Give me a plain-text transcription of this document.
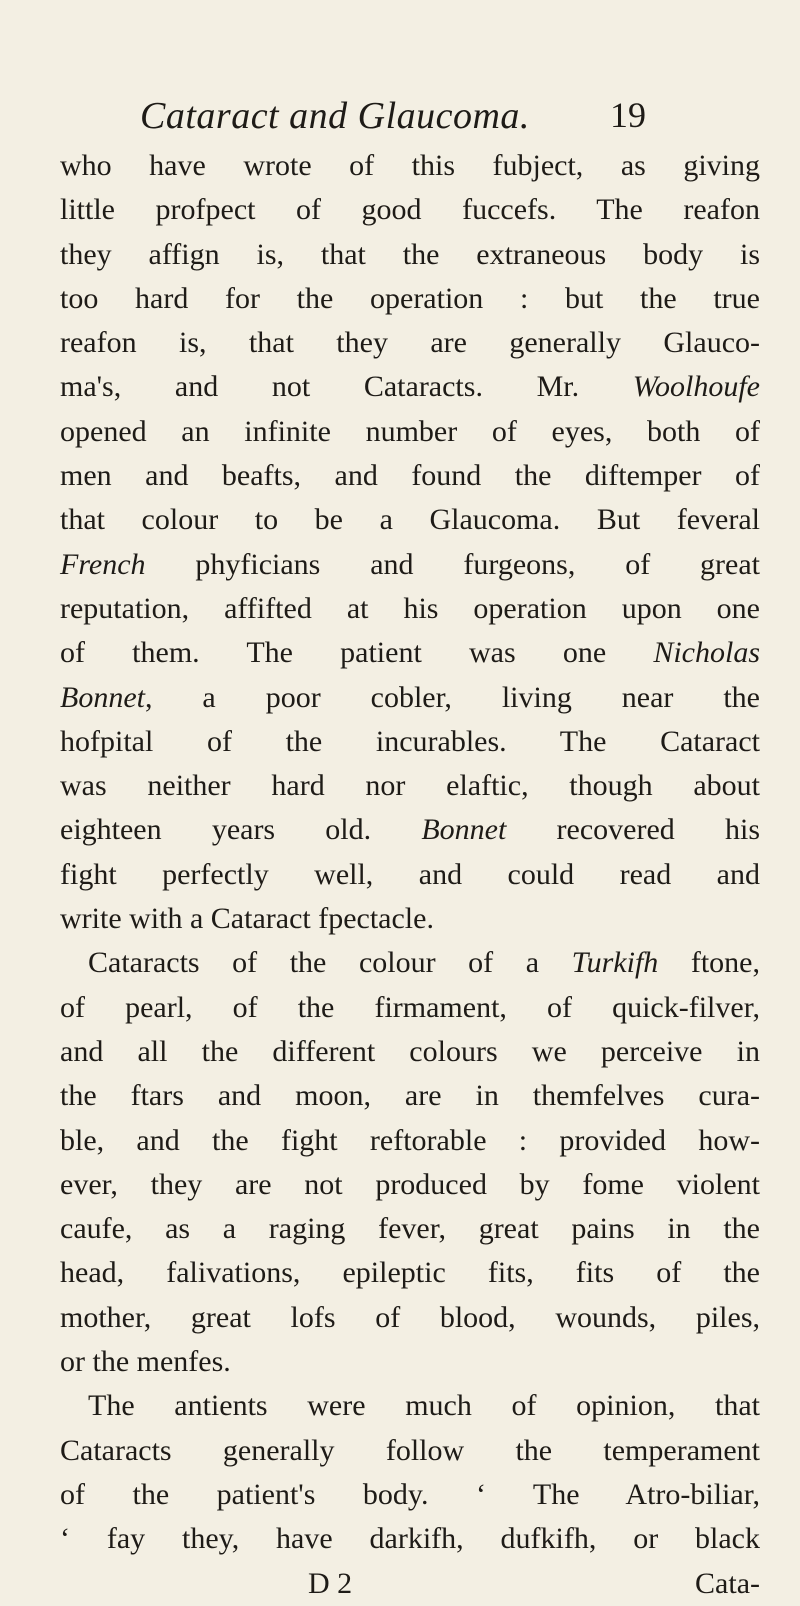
Cataract and Glaucoma. 19
who have wrote of this fubject, as giving
little profpect of good fuccefs. The reafon
they affign is, that the extraneous body is
too hard for the operation : but the true
reafon is, that they are generally Glauco-
ma's, and not Cataracts. Mr. Woolhoufe
opened an infinite number of eyes, both of
men and beafts, and found the diftemper of
that colour to be a Glaucoma. But feveral
French phyficians and furgeons, of great
reputation, affifted at his operation upon one
of them. The patient was one Nicholas
Bonnet, a poor cobler, living near the
hofpital of the incurables. The Cataract
was neither hard nor elaftic, though about
eighteen years old. Bonnet recovered his
fight perfectly well, and could read and
write with a Cataract fpectacle.
Cataracts of the colour of a Turkifh ftone,
of pearl, of the firmament, of quick-filver,
and all the different colours we perceive in
the ftars and moon, are in themfelves cura-
ble, and the fight reftorable : provided how-
ever, they are not produced by fome violent
caufe, as a raging fever, great pains in the
head, falivations, epileptic fits, fits of the
mother, great lofs of blood, wounds, piles,
or the menfes.
The antients were much of opinion, that
Cataracts generally follow the temperament
of the patient's body. ‘ The Atro-biliar,
‘ fay they, have darkifh, dufkifh, or black
D 2	Cata-
